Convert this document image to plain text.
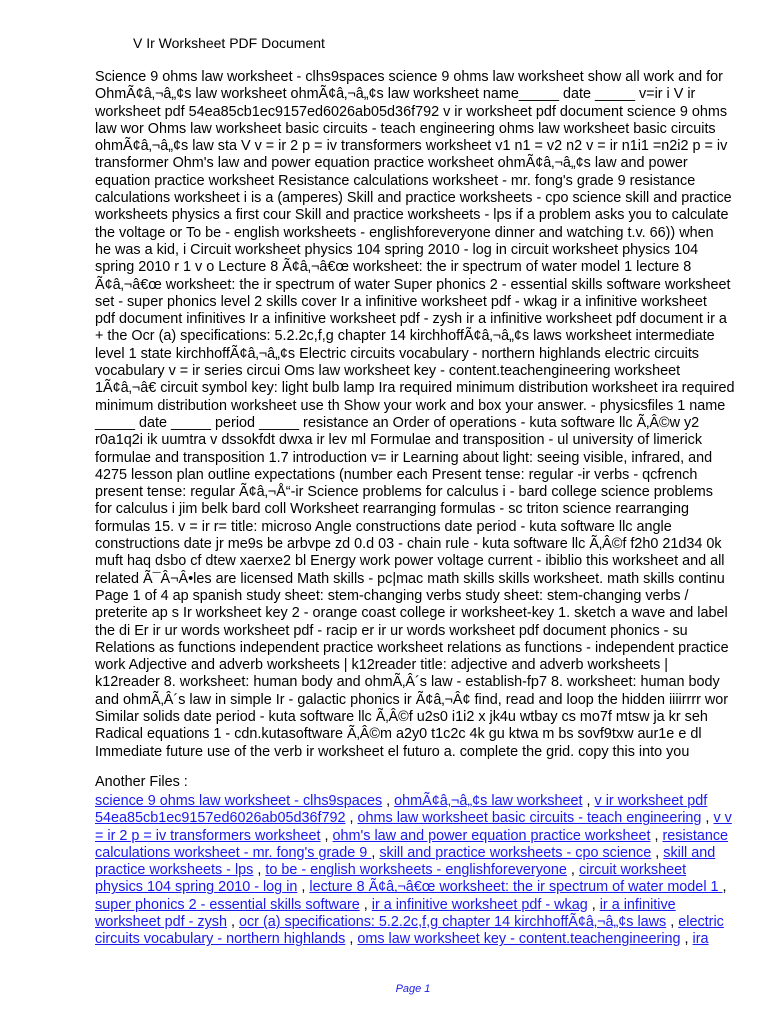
V Ir Worksheet PDF Document
Science 9 ohms law worksheet - clhs9spaces science 9 ohms law worksheet show all work and for
OhmÃ¢â‚¬â„¢s law worksheet ohmÃ¢â‚¬â„¢s law worksheet name_____ date _____ v=ir i V ir
worksheet pdf 54ea85cb1ec9157ed6026ab05d36f792 v ir worksheet pdf document science 9 ohms
law wor Ohms law worksheet basic circuits - teach engineering ohms law worksheet basic circuits
ohmÃ¢â‚¬â„¢s law sta V v = ir 2 p = iv transformers worksheet v1 n1 = v2 n2 v = ir n1i1 =n2i2 p = iv
transformer Ohm's law and power equation practice worksheet ohmÃ¢â‚¬â„¢s law and power
equation practice worksheet Resistance calculations worksheet - mr. fong's grade 9 resistance
calculations worksheet i is a (amperes) Skill and practice worksheets - cpo science skill and practice
worksheets physics a first cour Skill and practice worksheets - lps if a problem asks you to calculate
the voltage or To be - english worksheets - englishforeveryone dinner and watching t.v. 66)) when
he was a kid, i Circuit worksheet physics 104 spring 2010 - log in circuit worksheet physics 104
spring 2010 r 1 v o Lecture 8 Ã¢â‚¬â€œ worksheet: the ir spectrum of water model 1 lecture 8
Ã¢â‚¬â€œ worksheet: the ir spectrum of water Super phonics 2 - essential skills software worksheet
set - super phonics level 2 skills cover Ir a infinitive worksheet pdf - wkag ir a infinitive worksheet
pdf document infinitives Ir a infinitive worksheet pdf - zysh ir a infinitive worksheet pdf document ir a
+ the Ocr (a) specifications: 5.2.2c,f,g chapter 14 kirchhoffÃ¢â‚¬â„¢s laws worksheet intermediate
level 1 state kirchhoffÃ¢â‚¬â„¢s Electric circuits vocabulary - northern highlands electric circuits
vocabulary v = ir series circui Oms law worksheet key - content.teachengineering worksheet
1Ã¢â‚¬â€ circuit symbol key: light bulb lamp Ira required minimum distribution worksheet ira required
minimum distribution worksheet use th Show your work and box your answer. - physicsfiles 1 name
_____ date _____ period _____ resistance an Order of operations - kuta software llc Ã‚Â©w y2
r0a1q2i ik uumtra v dssokfdt dwxa ir lev ml Formulae and transposition - ul university of limerick
formulae and transposition 1.7 introduction v= ir Learning about light: seeing visible, infrared, and
4275 lesson plan outline expectations (number each Present tense: regular -ir verbs - qcfrench
present tense: regular Ã¢â‚¬Å“-ir Science problems for calculus i - bard college science problems
for calculus i jim belk bard coll Worksheet rearranging formulas - sc triton science rearranging
formulas 15. v = ir r= title: microso Angle constructions date period - kuta software llc angle
constructions date jr me9s be arbvpe zd 0.d 03 - chain rule - kuta software llc Ã‚Â©f f2h0 21d34 0k
muft haq dsbo cf dtew xaerxe2 bl Energy work power voltage current - ibiblio this worksheet and all
related Ã¯Â¬Â•les are licensed Math skills - pc|mac math skills skills worksheet. math skills continu
Page 1 of 4 ap spanish study sheet: stem-changing verbs study sheet: stem-changing verbs /
preterite ap s Ir worksheet key 2 - orange coast college ir worksheet-key 1. sketch a wave and label
the di Er ir ur words worksheet pdf - racip er ir ur words worksheet pdf document phonics - su
Relations as functions independent practice worksheet relations as functions - independent practice
work Adjective and adverb worksheets | k12reader title: adjective and adverb worksheets |
k12reader 8. worksheet: human body and ohmÃ‚Â´s law - establish-fp7 8. worksheet: human body
and ohmÃ‚Â´s law in simple Ir - galactic phonics ir Ã¢â‚¬Â¢ find, read and loop the hidden iiiirrrr wor
Similar solids date period - kuta software llc Ã‚Â©f u2s0 i1i2 x jk4u wtbay cs mo7f mtsw ja kr seh
Radical equations 1 - cdn.kutasoftware Ã‚Â©m a2y0 t1c2c 4k gu ktwa m bs sovf9txw aur1e e dl
Immediate future use of the verb ir worksheet el futuro a. complete the grid. copy this into you
Another Files :
science 9 ohms law worksheet - clhs9spaces , ohmÃ¢â‚¬â„¢s law worksheet , v ir worksheet pdf
54ea85cb1ec9157ed6026ab05d36f792 , ohms law worksheet basic circuits - teach engineering , v v
= ir 2 p = iv transformers worksheet , ohm's law and power equation practice worksheet , resistance
calculations worksheet - mr. fong's grade 9 , skill and practice worksheets - cpo science , skill and
practice worksheets - lps , to be - english worksheets - englishforeveryone , circuit worksheet
physics 104 spring 2010 - log in , lecture 8 Ã¢â‚¬â€œ worksheet: the ir spectrum of water model 1 ,
super phonics 2 - essential skills software , ir a infinitive worksheet pdf - wkag , ir a infinitive
worksheet pdf - zysh , ocr (a) specifications: 5.2.2c,f,g chapter 14 kirchhoffÃ¢â‚¬â„¢s laws , electric
circuits vocabulary - northern highlands , oms law worksheet key - content.teachengineering , ira
Page 1
